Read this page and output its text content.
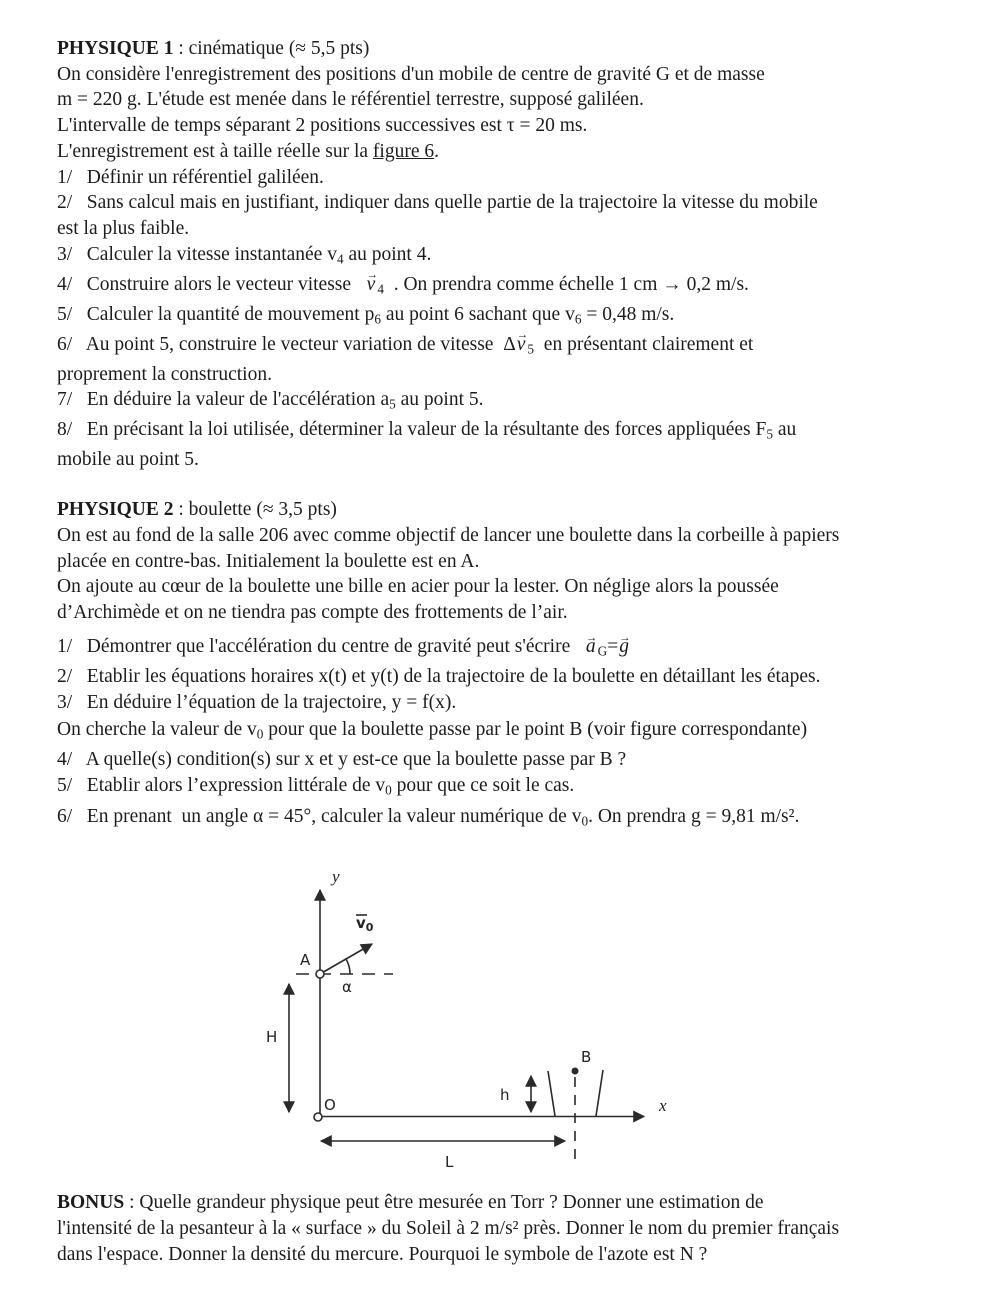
PHYSIQUE 1 : cinématique (≈ 5,5 pts)
On considère l'enregistrement des positions d'un mobile de centre de gravité G et de masse
m = 220 g. L'étude est menée dans le référentiel terrestre, supposé galiléen.
L'intervalle de temps séparant 2 positions successives est τ = 20 ms.
L'enregistrement est à taille réelle sur la figure 6.
1/   Définir un référentiel galiléen.
2/   Sans calcul mais en justifiant, indiquer dans quelle partie de la trajectoire la vitesse du mobile
est la plus faible.
3/   Calculer la vitesse instantanée $v_4$ au point 4.
4/   Construire alors le vecteur vitesse   v → $_4$  . On prendra comme échelle 1 cm → 0,2 m/s.
5/   Calculer la quantité de mouvement $p_6$ au point 6 sachant que $v_6 = 0,48$ m/s.
6/   Au point 5, construire le vecteur variation de vitesse  Δv → $_5$  en présentant clairement et
proprement la construction.
7/   En déduire la valeur de l'accélération $a_5$ au point 5.
8/   En précisant la loi utilisée, déterminer la valeur de la résultante des forces appliquées $F_5$ au
mobile au point 5.
PHYSIQUE 2 : boulette (≈ 3,5 pts)
On est au fond de la salle 206 avec comme objectif de lancer une boulette dans la corbeille à papiers
placée en contre-bas. Initialement la boulette est en A.
On ajoute au cœur de la boulette une bille en acier pour la lester. On néglige alors la poussée
d’Archimède et on ne tiendra pas compte des frottements de l’air.
1/   Démontrer que l'accélération du centre de gravité peut s'écrire   a → $_G$=g →
2/   Etablir les équations horaires x(t) et y(t) de la trajectoire de la boulette en détaillant les étapes.
3/   En déduire l’équation de la trajectoire, y = f(x).
On cherche la valeur de $v_0$ pour que la boulette passe par le point B (voir figure correspondante)
4/   A quelle(s) condition(s) sur x et y est-ce que la boulette passe par B ?
5/   Etablir alors l’expression littérale de $v_0$ pour que ce soit le cas.
6/   En prenant  un angle α = 45°, calculer la valeur numérique de $v_0$. On prendra g = 9,81 m/s².
y
x
$v_0$
α
A
H
O
B
h
L
BONUS : Quelle grandeur physique peut être mesurée en Torr ? Donner une estimation de
l'intensité de la pesanteur à la « surface » du Soleil à 2 m/s² près. Donner le nom du premier français
dans l'espace. Donner la densité du mercure. Pourquoi le symbole de l'azote est N ?
